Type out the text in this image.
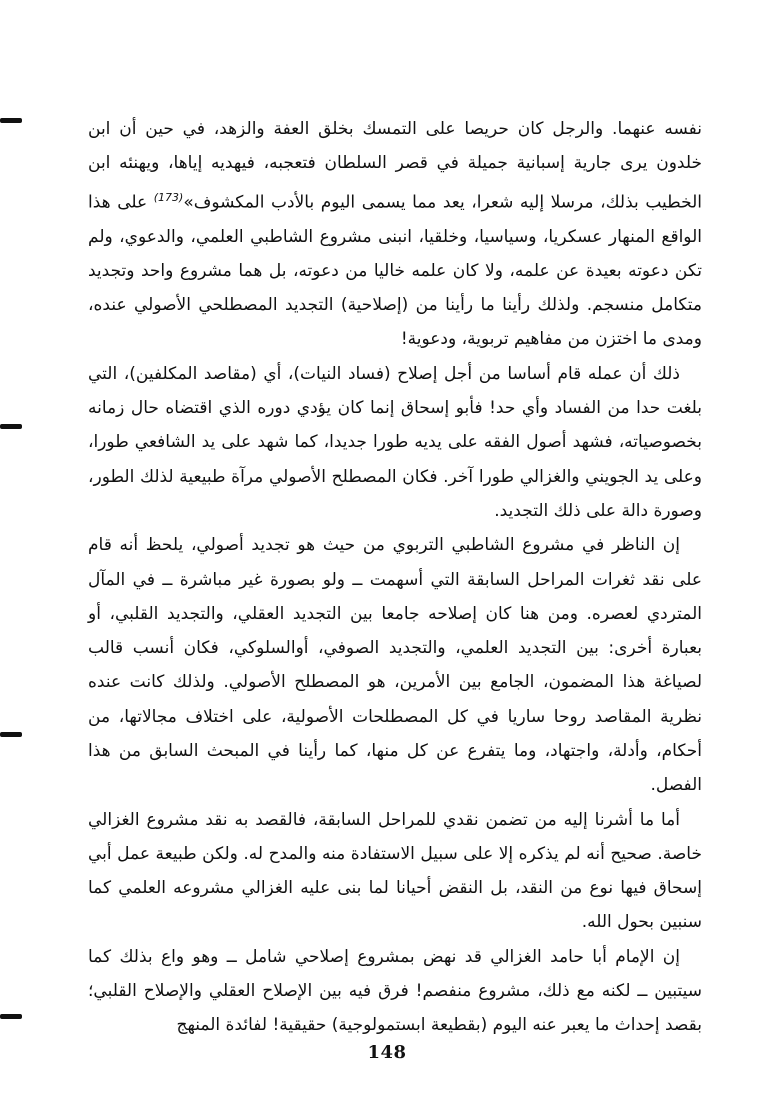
نفسه عنهما. والرجل كان حريصا على التمسك بخلق العفة والزهد، في حين أن ابن خلدون يرى جارية إسبانية جميلة في قصر السلطان فتعجبه، فيهديه إياها، ويهنئه ابن الخطيب بذلك، مرسلا إليه شعرا، يعد مما يسمى اليوم بالأدب المكشوف»$^{(173)}$ على هذا الواقع المنهار عسكريا، وسياسيا، وخلقيا، انبنى مشروع الشاطبي العلمي، والدعوي، ولم تكن دعوته بعيدة عن علمه، ولا كان علمه خاليا من دعوته، بل هما مشروع واحد وتجديد متكامل منسجم. ولذلك رأينا ما رأينا من (إصلاحية) التجديد المصطلحي الأصولي عنده، ومدى ما اختزن من مفاهيم تربوية، ودعوية!

ذلك أن عمله قام أساسا من أجل إصلاح (فساد النيات)، أي (مقاصد المكلفين)، التي بلغت حدا من الفساد وأي حد! فأبو إسحاق إنما كان يؤدي دوره الذي اقتضاه حال زمانه بخصوصياته، فشهد أصول الفقه على يديه طورا جديدا، كما شهد على يد الشافعي طورا، وعلى يد الجويني والغزالي طورا آخر. فكان المصطلح الأصولي مرآة طبيعية لذلك الطور، وصورة دالة على ذلك التجديد.

إن الناظر في مشروع الشاطبي التربوي من حيث هو تجديد أصولي، يلحظ أنه قام على نقد ثغرات المراحل السابقة التي أسهمت ــ ولو بصورة غير مباشرة ــ في المآل المتردي لعصره. ومن هنا كان إصلاحه جامعا بين التجديد العقلي، والتجديد القلبي، أو بعبارة أخرى: بين التجديد العلمي، والتجديد الصوفي، أوالسلوكي، فكان أنسب قالب لصياغة هذا المضمون، الجامع بين الأمرين، هو المصطلح الأصولي. ولذلك كانت عنده نظرية المقاصد روحا ساريا في كل المصطلحات الأصولية، على اختلاف مجالاتها، من أحكام، وأدلة، واجتهاد، وما يتفرع عن كل منها، كما رأينا في المبحث السابق من هذا الفصل.

أما ما أشرنا إليه من تضمن نقدي للمراحل السابقة، فالقصد به نقد مشروع الغزالي خاصة. صحيح أنه لم يذكره إلا على سبيل الاستفادة منه والمدح له. ولكن طبيعة عمل أبي إسحاق فيها نوع من النقد، بل النقض أحيانا لما بنى عليه الغزالي مشروعه العلمي كما سنبين بحول الله.

إن الإمام أبا حامد الغزالي قد نهض بمشروع إصلاحي شامل ــ وهو واع بذلك كما سيتبين ــ لكنه مع ذلك، مشروع منفصم! فرق فيه بين الإصلاح العقلي والإصلاح القلبي؛ بقصد إحداث ما يعبر عنه اليوم (بقطيعة ابستمولوجية) حقيقية! لفائدة المنهج

148
